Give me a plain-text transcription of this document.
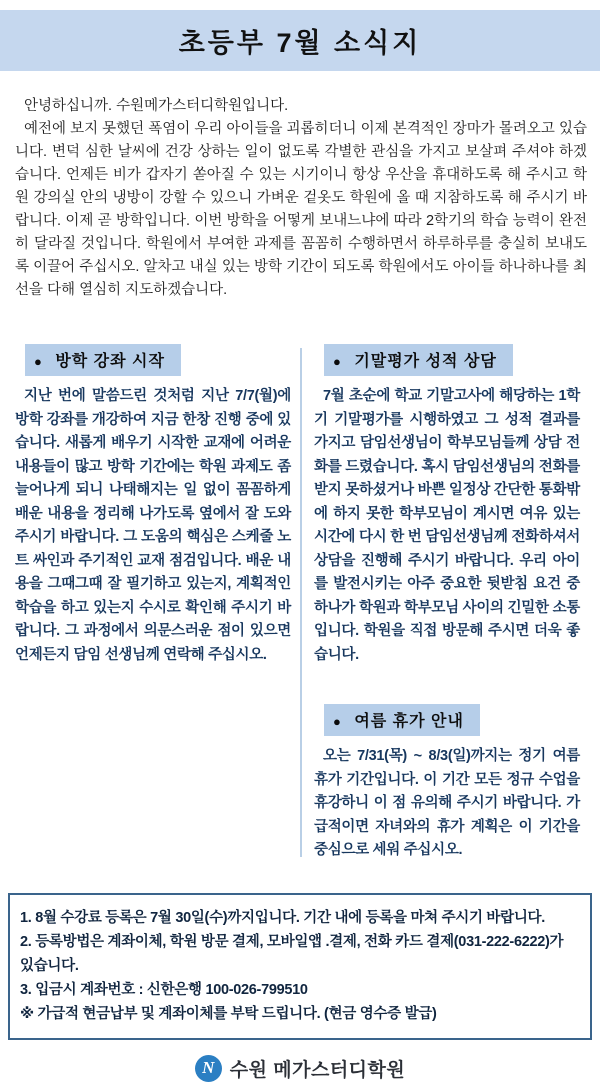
초등부 7월 소식지

안녕하십니까. 수원메가스터디학원입니다.

예전에 보지 못했던 폭염이 우리 아이들을 괴롭히더니 이제 본격적인 장마가 몰려오고 있습니다. 변덕 심한 날씨에 건강 상하는 일이 없도록 각별한 관심을 가지고 보살펴 주셔야 하겠습니다. 언제든 비가 갑자기 쏟아질 수 있는 시기이니 항상 우산을 휴대하도록 해 주시고 학원 강의실 안의 냉방이 강할 수 있으니 가벼운 겉옷도 학원에 올 때 지참하도록 해 주시기 바랍니다. 이제 곧 방학입니다. 이번 방학을 어떻게 보내느냐에 따라 2학기의 학습 능력이 완전히 달라질 것입니다. 학원에서 부여한 과제를 꼼꼼히 수행하면서 하루하루를 충실히 보내도록 이끌어 주십시오. 알차고 내실 있는 방학 기간이 되도록 학원에서도 아이들 하나하나를 최선을 다해 열심히 지도하겠습니다.

● 방학 강좌 시작

지난 번에 말씀드린 것처럼 지난 7/7(월)에 방학 강좌를 개강하여 지금 한창 진행 중에 있습니다. 새롭게 배우기 시작한 교재에 어려운 내용들이 많고 방학 기간에는 학원 과제도 좀 늘어나게 되니 나태해지는 일 없이 꼼꼼하게 배운 내용을 정리해 나가도록 옆에서 잘 도와 주시기 바랍니다. 그 도움의 핵심은 스케줄 노트 싸인과 주기적인 교재 점검입니다. 배운 내용을 그때그때 잘 필기하고 있는지, 계획적인 학습을 하고 있는지 수시로 확인해 주시기 바랍니다. 그 과정에서 의문스러운 점이 있으면 언제든지 담임 선생님께 연락해 주십시오.

● 기말평가 성적 상담

7월 초순에 학교 기말고사에 해당하는 1학기 기말평가를 시행하였고 그 성적 결과를 가지고 담임선생님이 학부모님들께 상담 전화를 드렸습니다. 혹시 담임선생님의 전화를 받지 못하셨거나 바쁜 일정상 간단한 통화밖에 하지 못한 학부모님이 계시면 여유 있는 시간에 다시 한 번 담임선생님께 전화하셔서 상담을 진행해 주시기 바랍니다. 우리 아이를 발전시키는 아주 중요한 뒷받침 요건 중 하나가 학원과 학부모님 사이의 긴밀한 소통입니다. 학원을 직접 방문해 주시면 더욱 좋습니다.

● 여름 휴가 안내

오는 7/31(목) ~ 8/3(일)까지는 정기 여름 휴가 기간입니다. 이 기간 모든 정규 수업을 휴강하니 이 점 유의해 주시기 바랍니다. 가급적이면 자녀와의 휴가 계획은 이 기간을 중심으로 세워 주십시오.

1. 8월 수강료 등록은 7월 30일(수)까지입니다. 기간 내에 등록을 마쳐 주시기 바랍니다.
2. 등록방법은 계좌이체, 학원 방문 결제, 모바일앱 .결제, 전화 카드 결제(031-222-6222)가 있습니다.
3. 입금시 계좌번호 : 신한은행 100-026-799510
※ 가급적 현금납부 및 계좌이체를 부탁 드립니다. (현금 영수증 발급)
N 수원 메가스터디학원
